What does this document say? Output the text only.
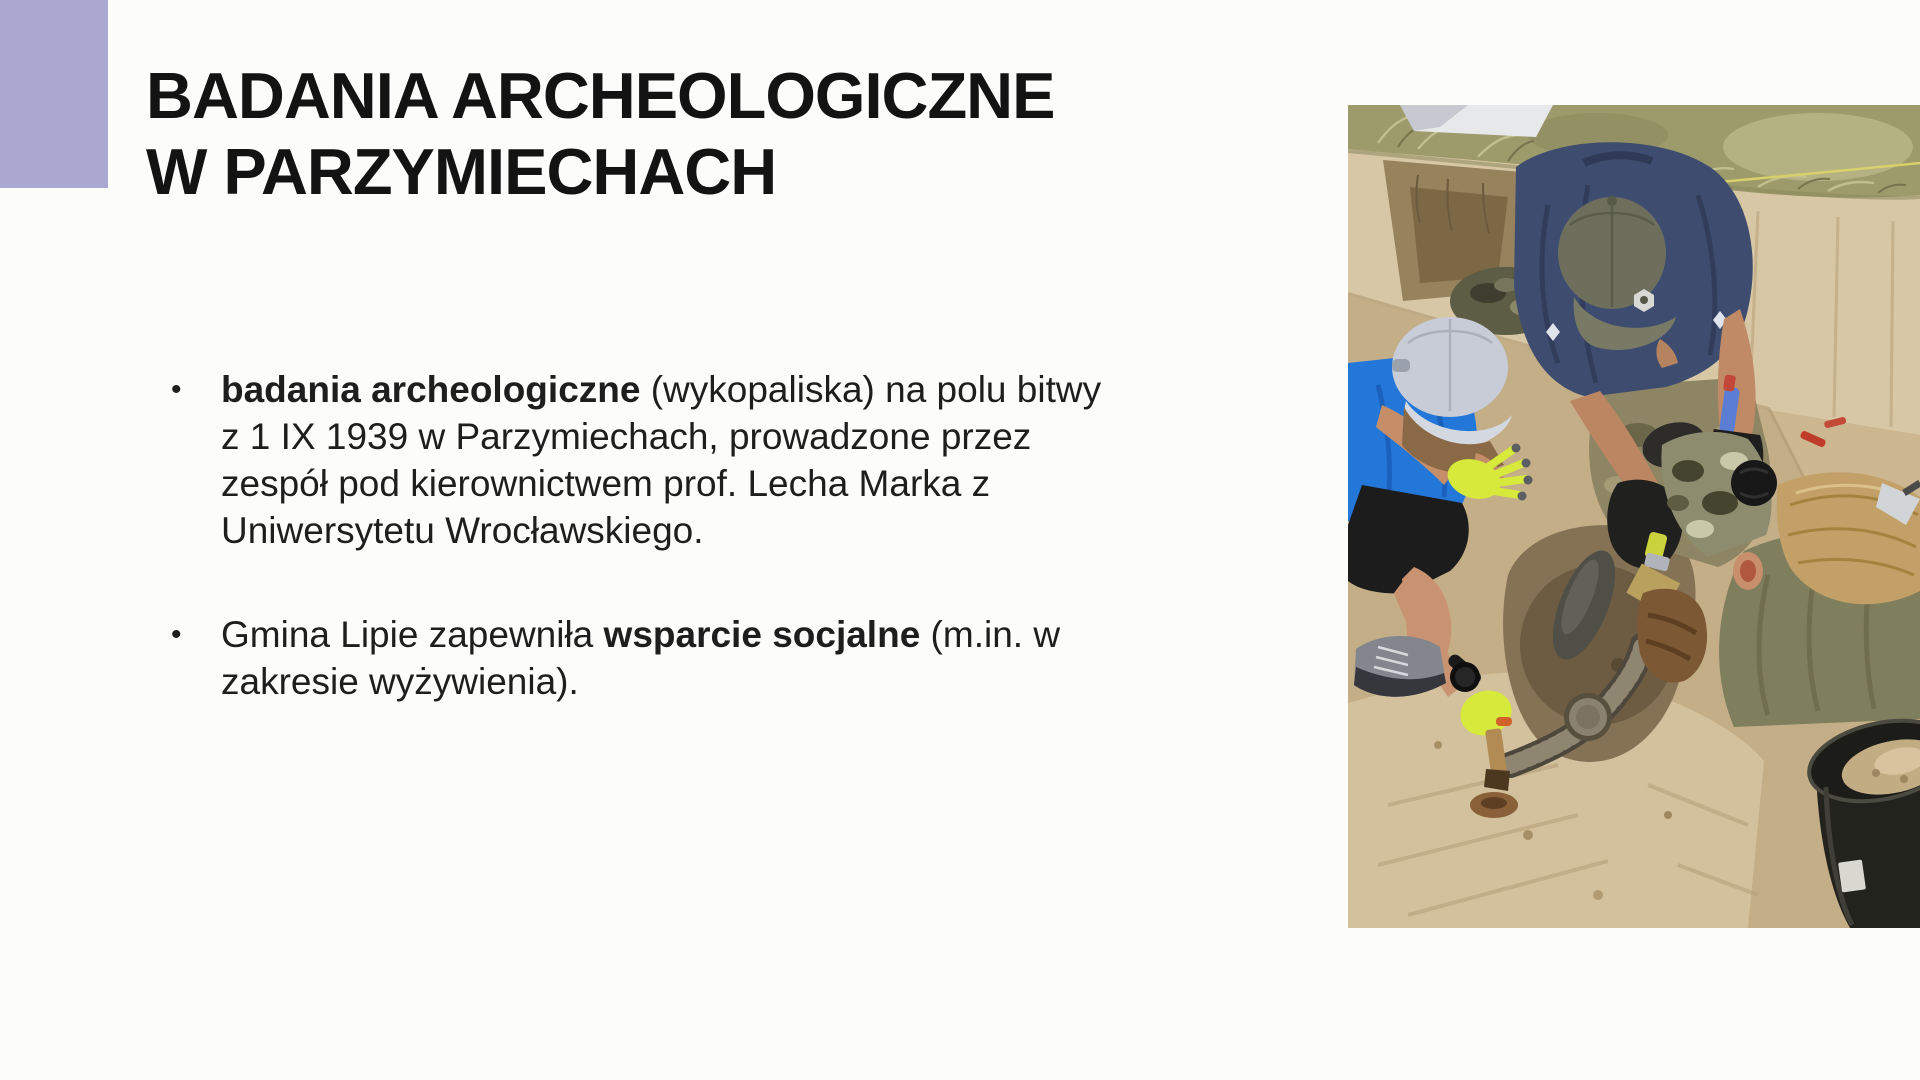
BADANIA ARCHEOLOGICZNE
W PARZYMIECHACH
•	badania archeologiczne (wykopaliska) na polu bitwy z 1 IX 1939 w Parzymiechach, prowadzone przez zespół pod kierownictwem prof. Lecha Marka z Uniwersytetu Wrocławskiego.
•	Gmina Lipie zapewniła wsparcie socjalne (m.in. w zakresie wyżywienia).
